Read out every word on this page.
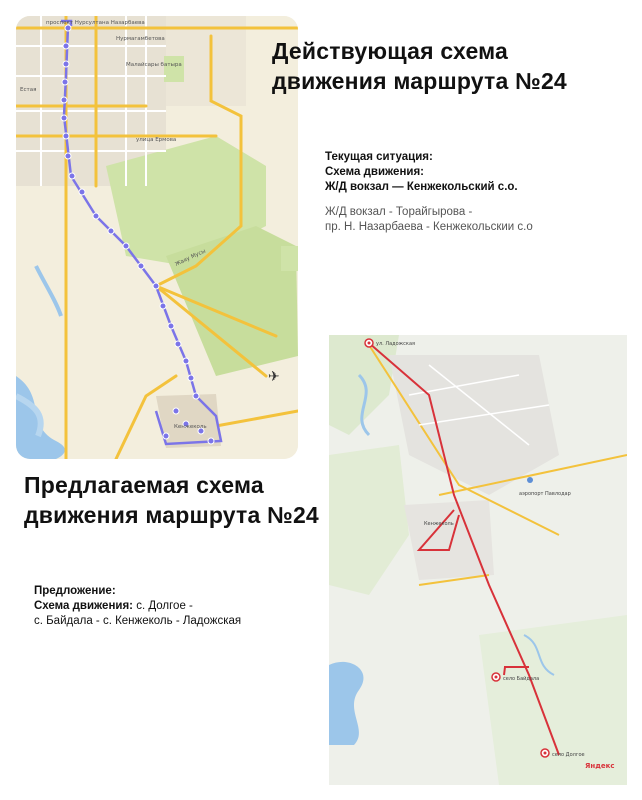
✈
проспект Нурсултана Назарбаева
Нурмагамбетова
Малайсары батыра
Естая
улица Ермова
Жаяу Мусы
Кенжеколь
Действующая схема
движения маршрута №24
Текущая ситуация:
Схема движения:
Ж/Д вокзал — Кенжекольский с.о.
Ж/Д вокзал - Торайгырова -
пр. Н. Назарбаева - Кенжекольскии с.о
ул. Ладожская
Кенжеколь
аэропорт Павлодар
село Байдала
село Долгое
Яндекс
Предлагаемая схема
движения маршрута №24
Предложение:
Схема движения: с. Долгое -
с. Байдала - с. Кенжеколь - Ладожская
